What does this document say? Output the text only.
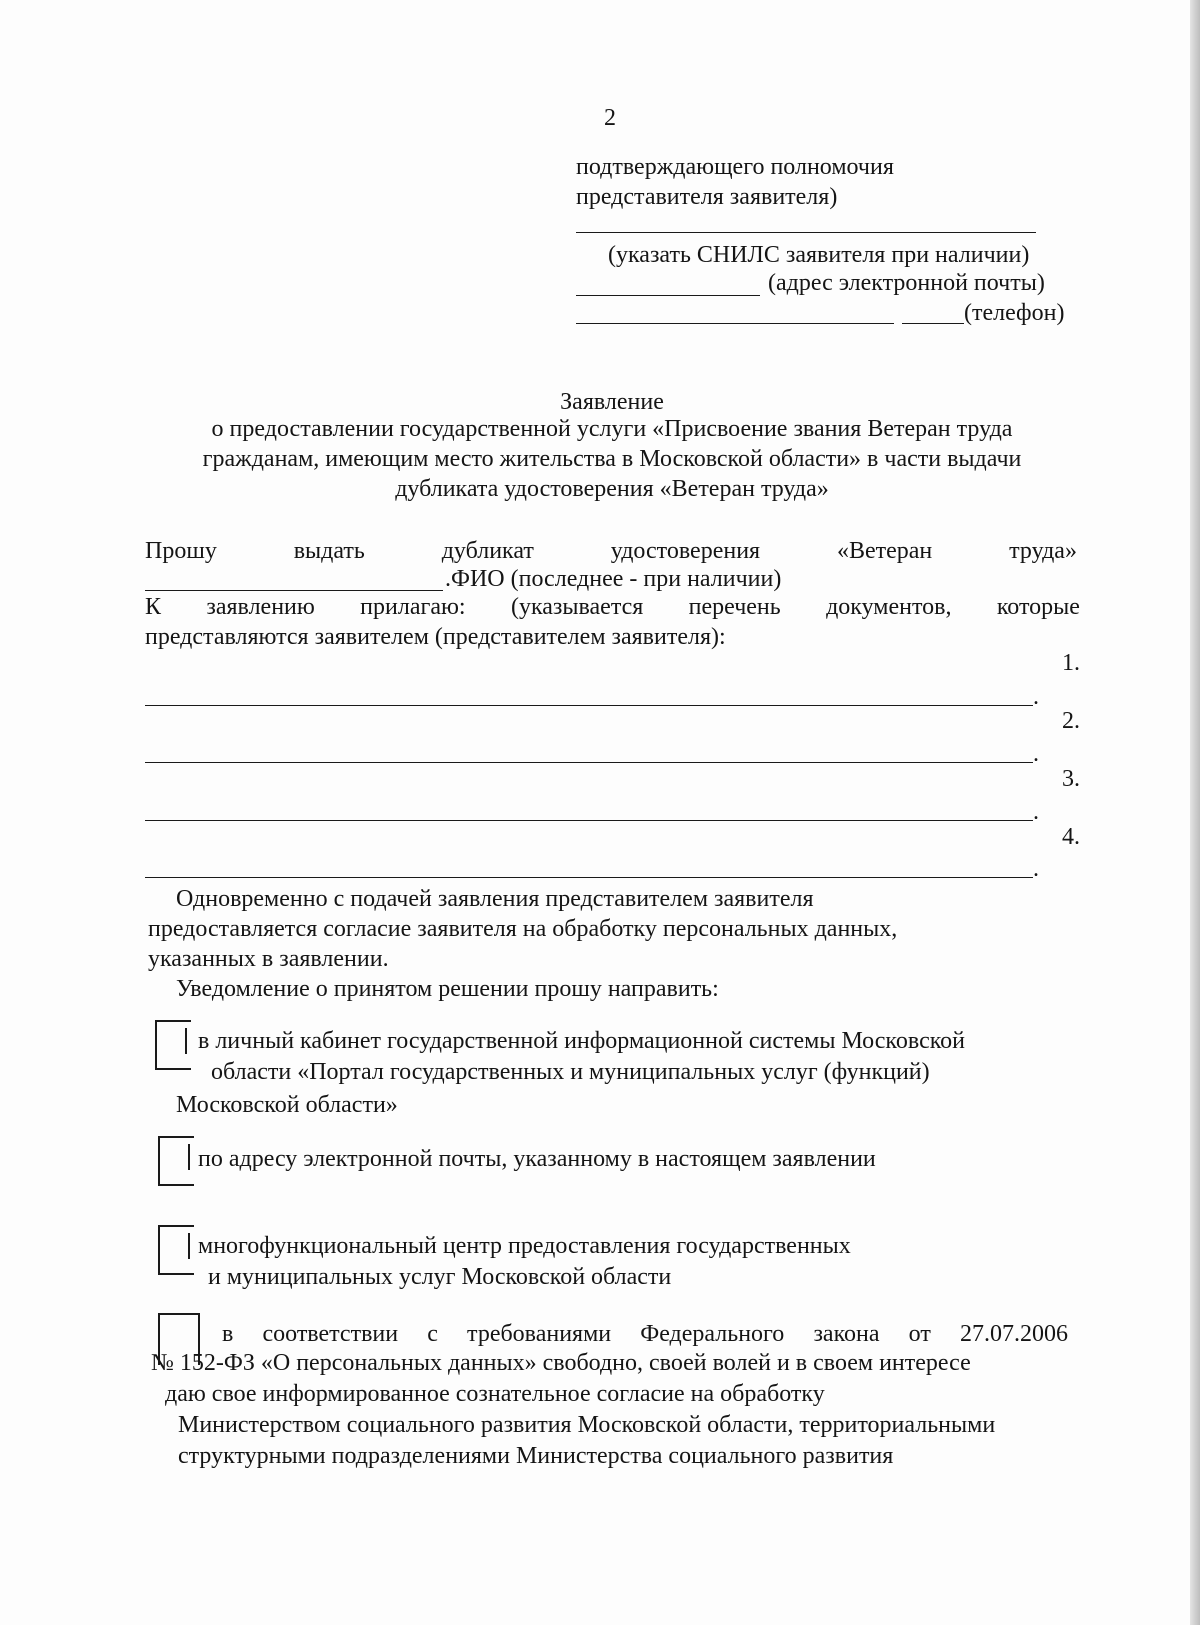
2
подтверждающего полномочия
представителя заявителя)
(указать СНИЛС заявителя при наличии)
(адрес электронной почты)
(телефон)
Заявление
о предоставлении государственной услуги «Присвоение звания Ветеран труда
гражданам, имеющим место жительства в Московской области» в части выдачи
дубликата удостоверения «Ветеран труда»
Прошу	выдать	дубликат	удостоверения	«Ветеран	труда»
.ФИО (последнее - при наличии)
К заявлению прилагаю: (указывается перечень документов, которые
представляются заявителем (представителем заявителя):
1.
.
2.
.
3.
.
4.
.
Одновременно с подачей заявления представителем заявителя
предоставляется согласие заявителя на обработку персональных данных,
указанных в заявлении.
Уведомление о принятом решении прошу направить:
в личный кабинет государственной информационной системы Московской
области «Портал государственных и муниципальных услуг (функций)
Московской области»
по адресу электронной почты, указанному в настоящем заявлении
многофункциональный центр предоставления государственных
и муниципальных услуг Московской области
в соответствии с требованиями Федерального закона от 27.07.2006
№ 152-ФЗ «О персональных данных» свободно, своей волей и в своем интересе
даю свое информированное сознательное согласие на обработку
Министерством социального развития Московской области, территориальными
структурными подразделениями Министерства социального развития
